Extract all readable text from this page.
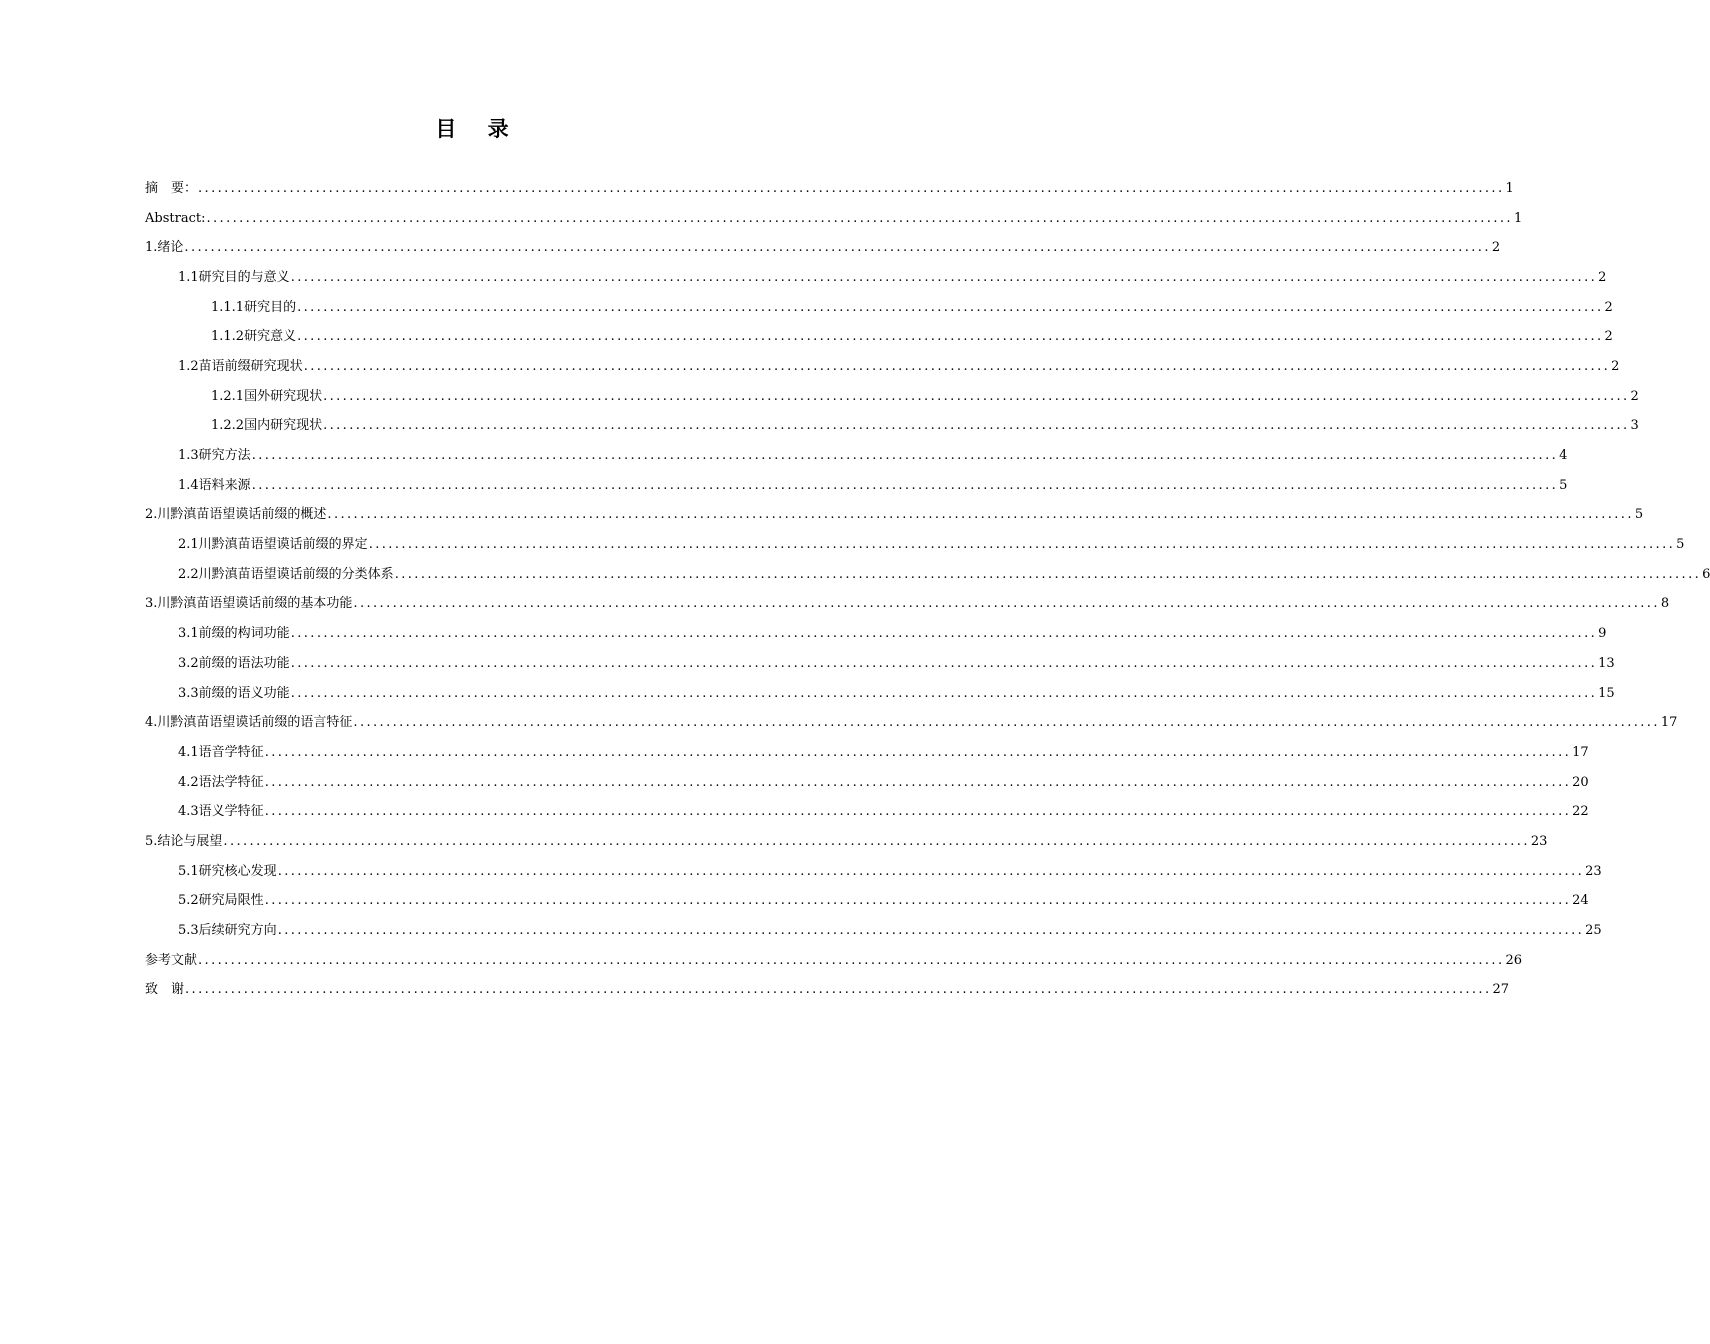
目 录
摘　要： ........................................................................................................................................................................................................ 1
Abstract: ........................................................................................................................................................................................................ 1
1.绪论 ........................................................................................................................................................................................................ 2
1.1研究目的与意义 ........................................................................................................................................................................................................ 2
1.1.1研究目的 ........................................................................................................................................................................................................ 2
1.1.2研究意义 ........................................................................................................................................................................................................ 2
1.2苗语前缀研究现状 ........................................................................................................................................................................................................ 2
1.2.1国外研究现状 ........................................................................................................................................................................................................ 2
1.2.2国内研究现状 ........................................................................................................................................................................................................ 3
1.3研究方法 ........................................................................................................................................................................................................ 4
1.4语料来源 ........................................................................................................................................................................................................ 5
2.川黔滇苗语望谟话前缀的概述 ........................................................................................................................................................................................................ 5
2.1川黔滇苗语望谟话前缀的界定 ........................................................................................................................................................................................................ 5
2.2川黔滇苗语望谟话前缀的分类体系 ........................................................................................................................................................................................................ 6
3.川黔滇苗语望谟话前缀的基本功能 ........................................................................................................................................................................................................ 8
3.1前缀的构词功能 ........................................................................................................................................................................................................ 9
3.2前缀的语法功能 ........................................................................................................................................................................................................ 13
3.3前缀的语义功能 ........................................................................................................................................................................................................ 15
4.川黔滇苗语望谟话前缀的语言特征 ........................................................................................................................................................................................................ 17
4.1语音学特征 ........................................................................................................................................................................................................ 17
4.2语法学特征 ........................................................................................................................................................................................................ 20
4.3语义学特征 ........................................................................................................................................................................................................ 22
5.结论与展望 ........................................................................................................................................................................................................ 23
5.1研究核心发现 ........................................................................................................................................................................................................ 23
5.2研究局限性 ........................................................................................................................................................................................................ 24
5.3后续研究方向 ........................................................................................................................................................................................................ 25
参考文献 ........................................................................................................................................................................................................ 26
致　谢 ........................................................................................................................................................................................................ 27
